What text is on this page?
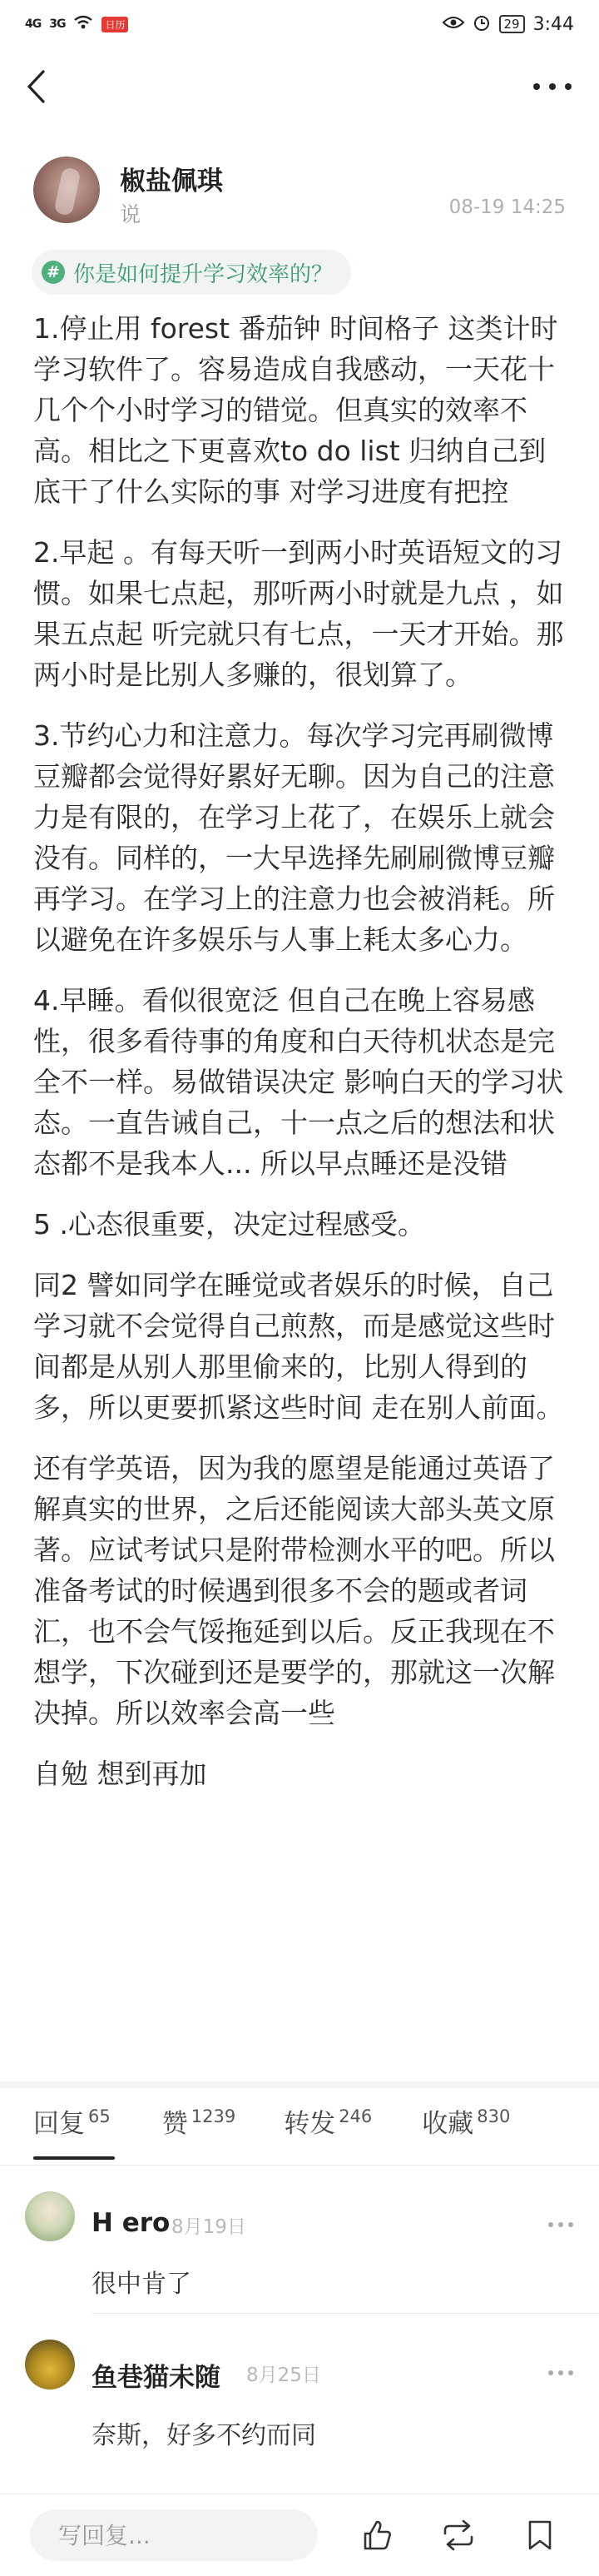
4G 3G	日历	29 3:44
椒盐佩琪
说	08-19 14:25
# 你是如何提升学习效率的？

1.停止用 forest 番茄钟 时间格子 这类计时学习软件了。容易造成自我感动，一天花十几个个小时学习的错觉。但真实的效率不高。相比之下更喜欢to do list 归纳自己到底干了什么实际的事 对学习进度有把控

2.早起 。有每天听一到两小时英语短文的习惯。如果七点起，那听两小时就是九点 ，如果五点起 听完就只有七点，一天才开始。那两小时是比别人多赚的，很划算了。

3.节约心力和注意力。每次学习完再刷微博豆瓣都会觉得好累好无聊。因为自己的注意力是有限的，在学习上花了，在娱乐上就会没有。同样的，一大早选择先刷刷微博豆瓣再学习。在学习上的注意力也会被消耗。所以避免在许多娱乐与人事上耗太多心力。

4.早睡。看似很宽泛 但自己在晚上容易感性，很多看待事的角度和白天待机状态是完全不一样。易做错误决定 影响白天的学习状态。一直告诫自己，十一点之后的想法和状态都不是我本人... 所以早点睡还是没错

5 .心态很重要，决定过程感受。

同2 譬如同学在睡觉或者娱乐的时候，自己学习就不会觉得自己煎熬，而是感觉这些时间都是从别人那里偷来的，比别人得到的多，所以更要抓紧这些时间 走在别人前面。

还有学英语，因为我的愿望是能通过英语了解真实的世界，之后还能阅读大部头英文原著。应试考试只是附带检测水平的吧。所以准备考试的时候遇到很多不会的题或者词汇，也不会气馁拖延到以后。反正我现在不想学，下次碰到还是要学的，那就这一次解决掉。所以效率会高一些

自勉 想到再加

回复 $^{65}$ 赞 $^{1239}$ 转发 $^{246}$ 收藏 $^{830}$
H ero 8月19日
很中肯了
鱼巷猫未随 8月25日
奈斯，好多不约而同
写回复...
